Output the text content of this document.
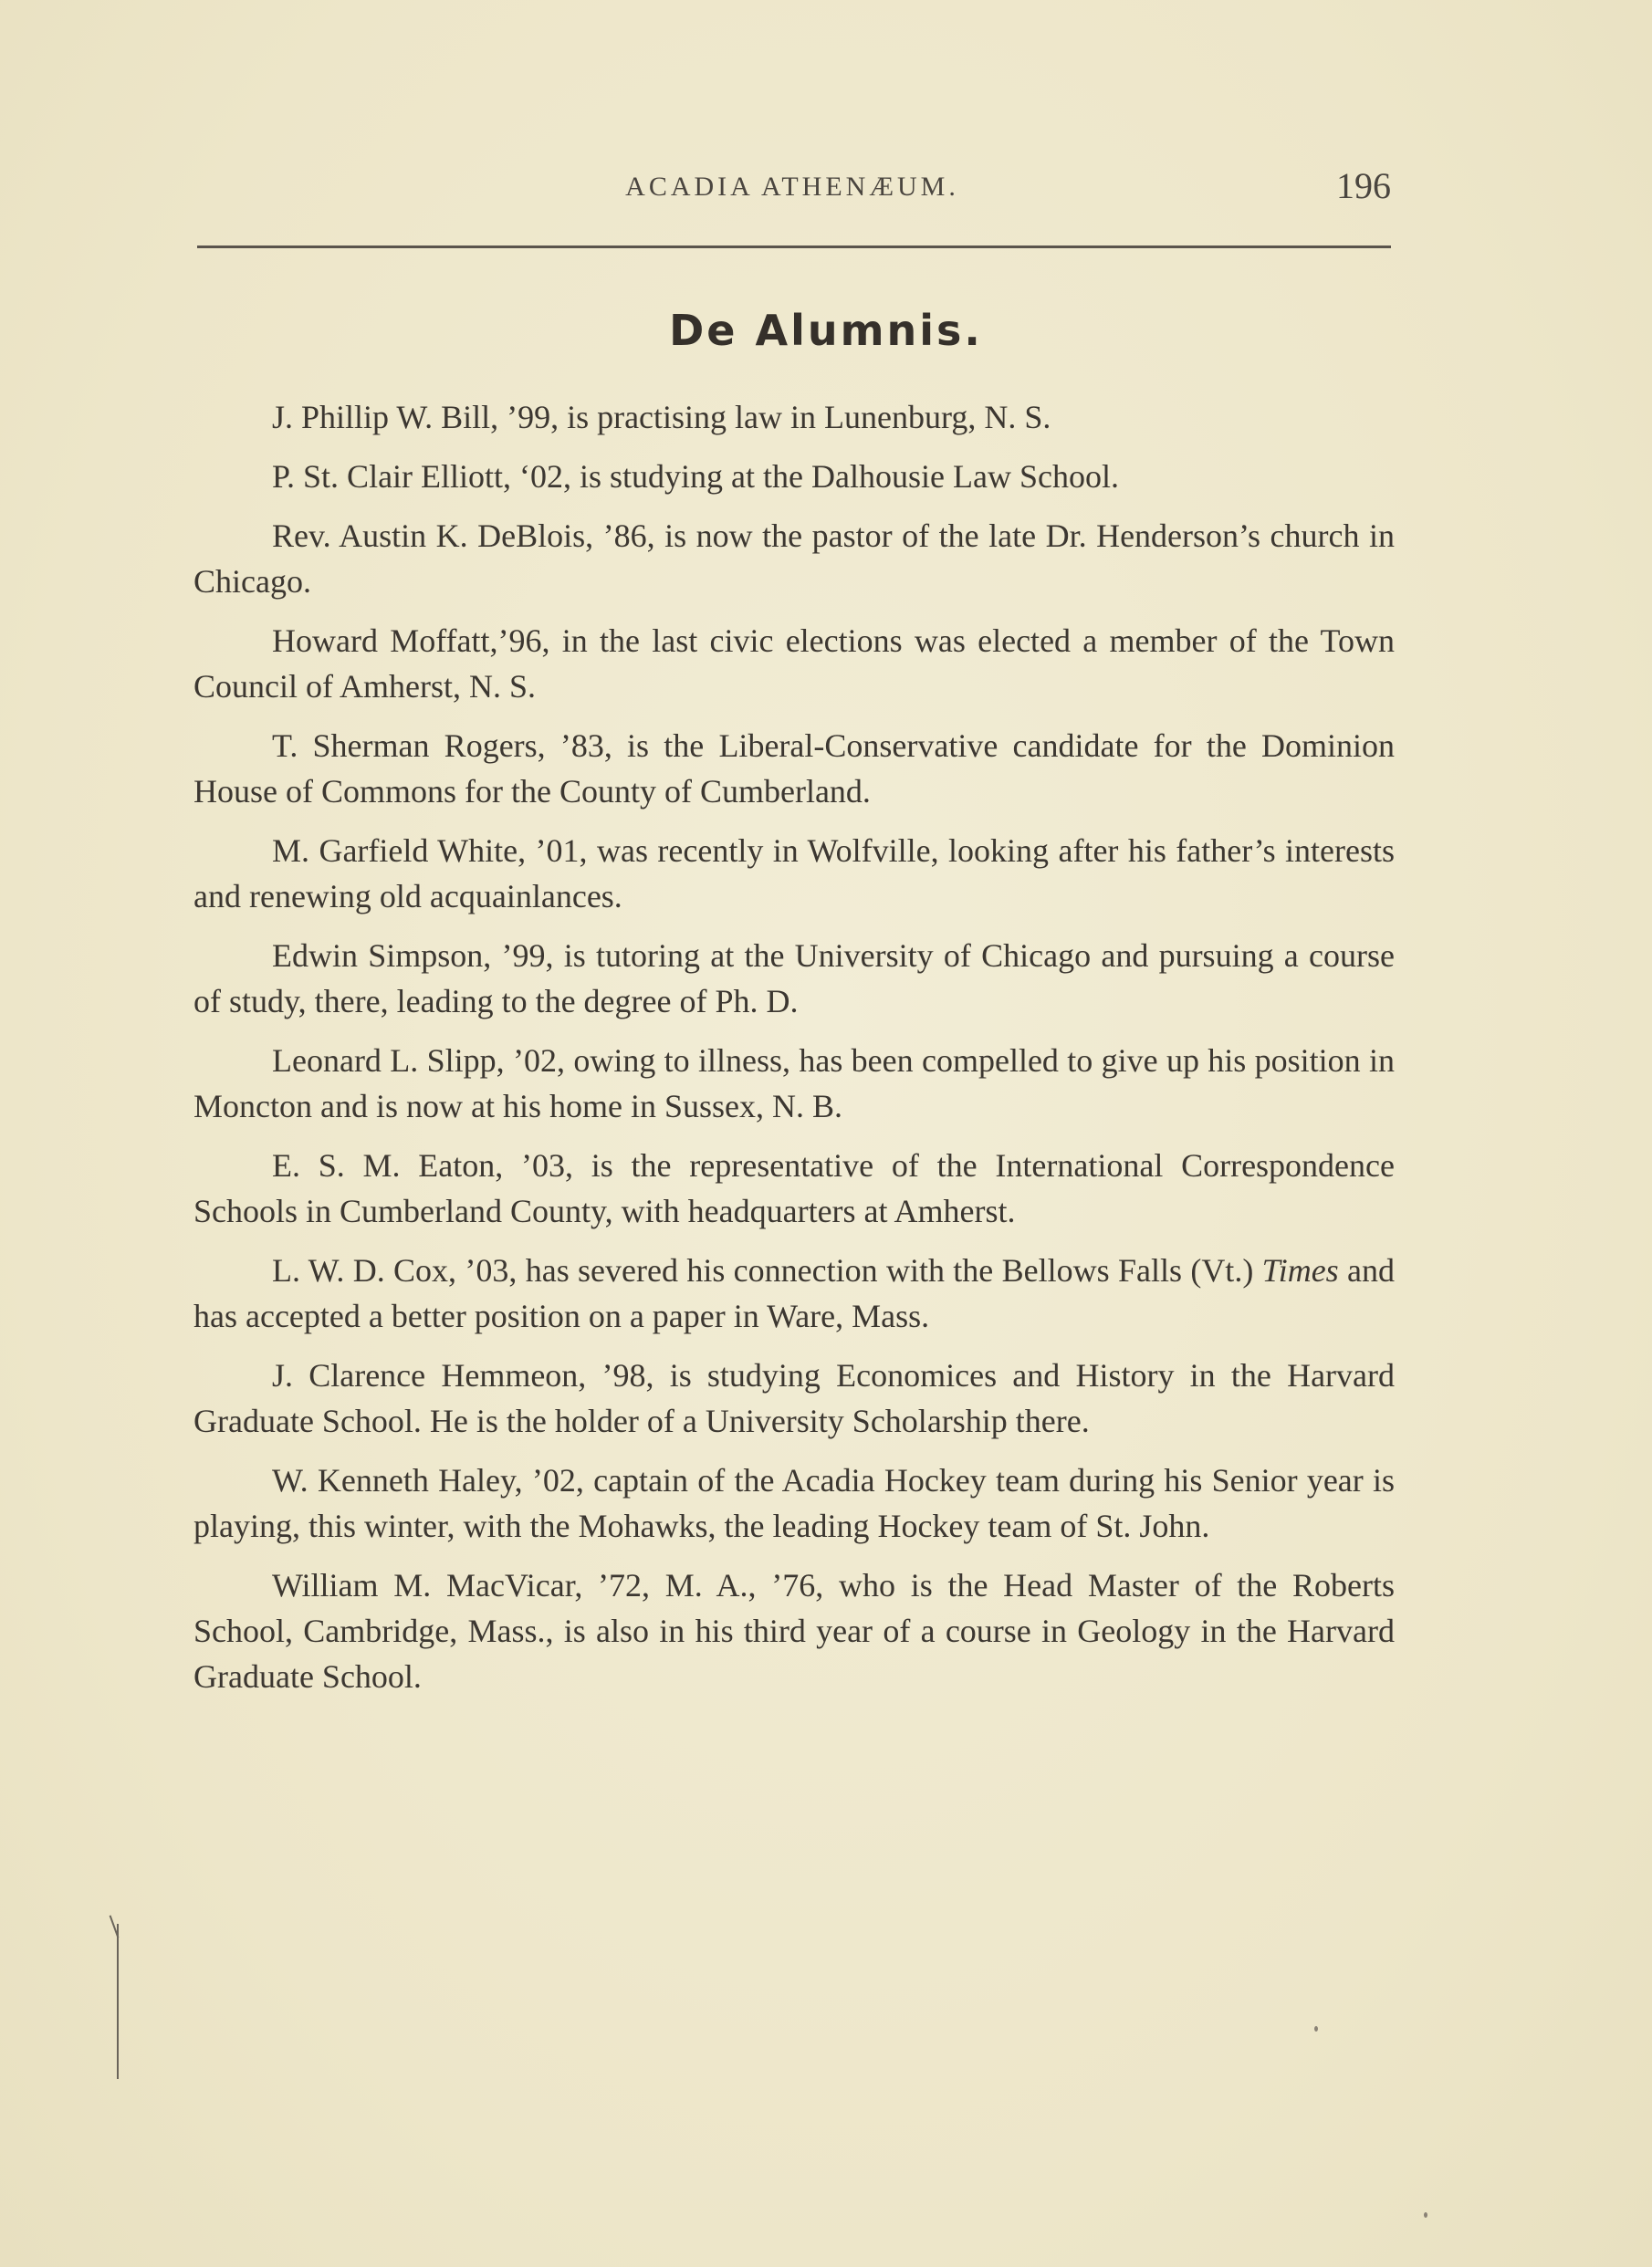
ACADIA ATHENÆUM.	196
De Alumnis.

J. Phillip W. Bill, ’99, is practising law in Lunenburg, N. S.

P. St. Clair Elliott, ‘02, is studying at the Dalhousie Law School.

Rev. Austin K. DeBlois, ’86, is now the pastor of the late Dr. Henderson’s church in Chicago.

Howard Moffatt,’96, in the last civic elections was elected a member of the Town Council of Amherst, N. S.

T. Sherman Rogers, ’83, is the Liberal-Conservative candidate for the Dominion House of Commons for the County of Cumberland.

M. Garfield White, ’01, was recently in Wolfville, looking after his father’s interests and renewing old acquainlances.

Edwin Simpson, ’99, is tutoring at the University of Chicago and pursuing a course of study, there, leading to the degree of Ph. D.

Leonard L. Slipp, ’02, owing to illness, has been compelled to give up his position in Moncton and is now at his home in Sussex, N. B.

E. S. M. Eaton, ’03, is the representative of the International Correspondence Schools in Cumberland County, with headquarters at Amherst.

L. W. D. Cox, ’03, has severed his connection with the Bellows Falls (Vt.) Times and has accepted a better position on a paper in Ware, Mass.

J. Clarence Hemmeon, ’98, is studying Economices and History in the Harvard Graduate School. He is the holder of a University Scholarship there.

W. Kenneth Haley, ’02, captain of the Acadia Hockey team during his Senior year is playing, this winter, with the Mohawks, the leading Hockey team of St. John.

William M. MacVicar, ’72, M. A., ’76, who is the Head Master of the Roberts School, Cambridge, Mass., is also in his third year of a course in Geology in the Harvard Graduate School.
